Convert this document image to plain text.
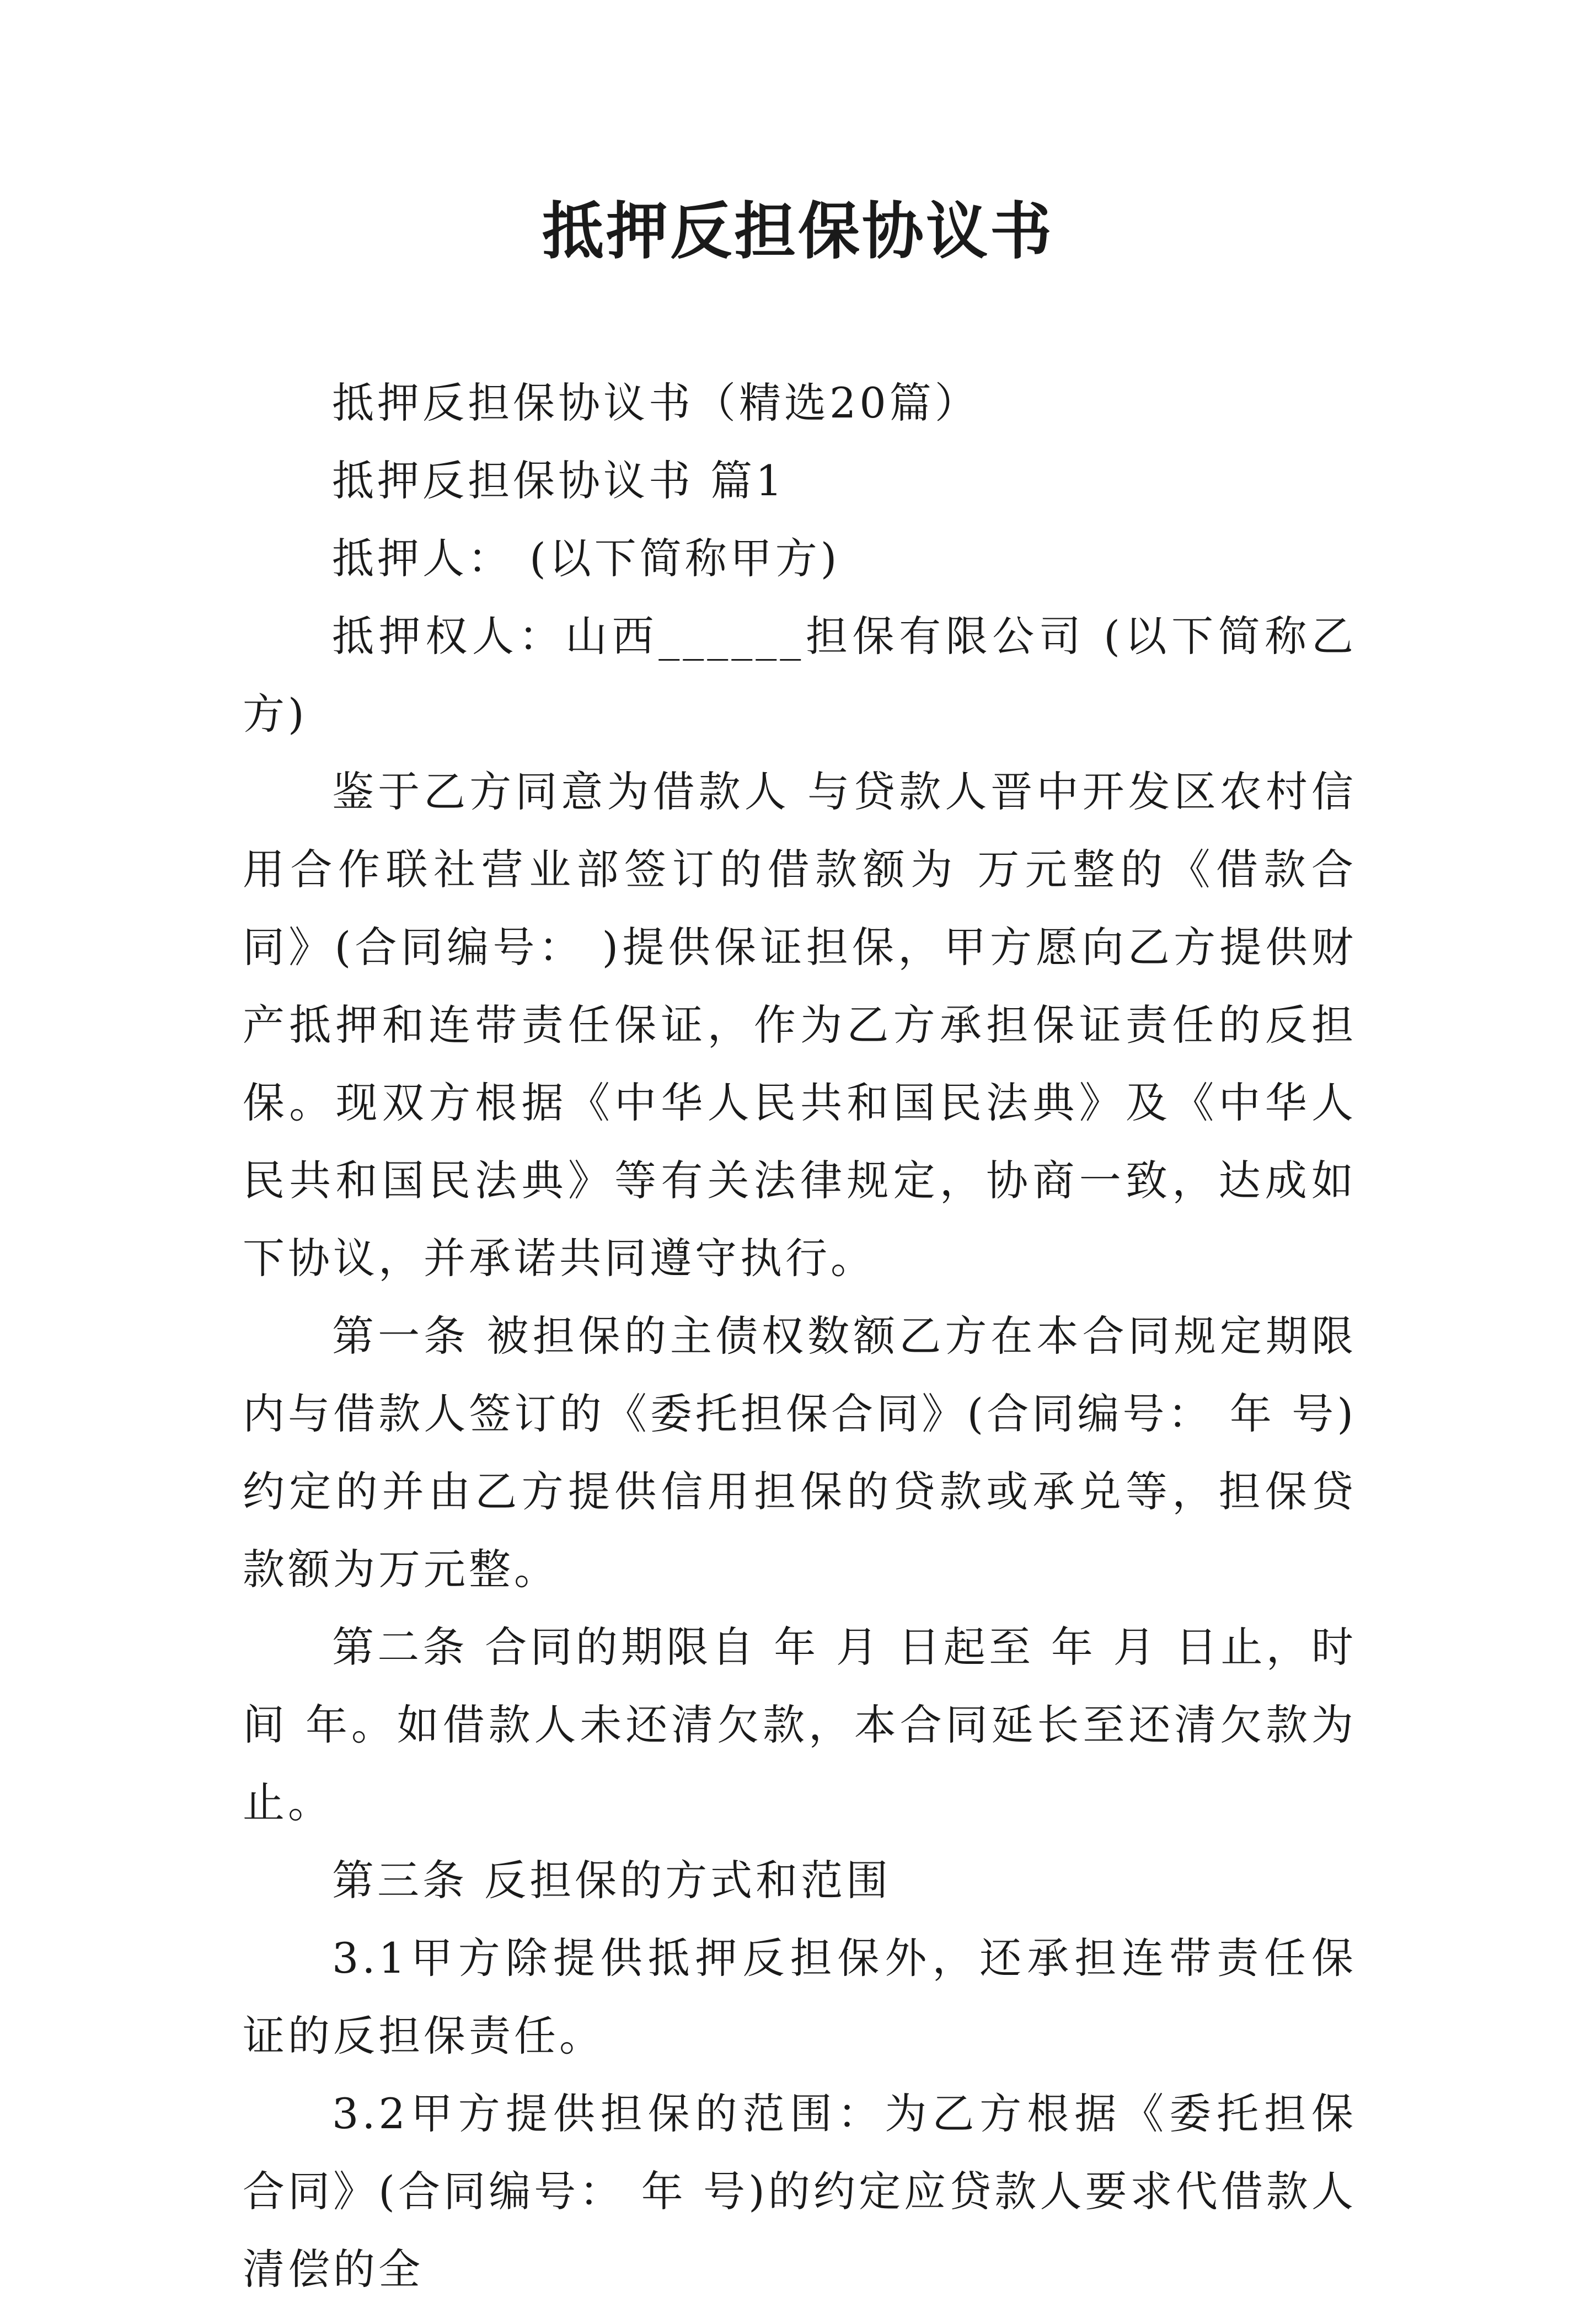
抵押反担保协议书

抵押反担保协议书（精选20篇）

抵押反担保协议书 篇1

抵押人： (以下简称甲方)

抵押权人：山西______担保有限公司 (以下简称乙方)

鉴于乙方同意为借款人 与贷款人晋中开发区农村信用合作联社营业部签订的借款额为 万元整的《借款合同》(合同编号： )提供保证担保，甲方愿向乙方提供财产抵押和连带责任保证，作为乙方承担保证责任的反担保。现双方根据《中华人民共和国民法典》及《中华人民共和国民法典》等有关法律规定，协商一致，达成如下协议，并承诺共同遵守执行。

第一条 被担保的主债权数额乙方在本合同规定期限内与借款人签订的《委托担保合同》(合同编号： 年 号)约定的并由乙方提供信用担保的贷款或承兑等，担保贷款额为万元整。

第二条 合同的期限自 年 月 日起至 年 月 日止，时间 年。如借款人未还清欠款，本合同延长至还清欠款为止。

第三条 反担保的方式和范围

3.1甲方除提供抵押反担保外，还承担连带责任保证的反担保责任。

3.2甲方提供担保的范围：为乙方根据《委托担保合同》(合同编号： 年 号)的约定应贷款人要求代借款人清偿的全
